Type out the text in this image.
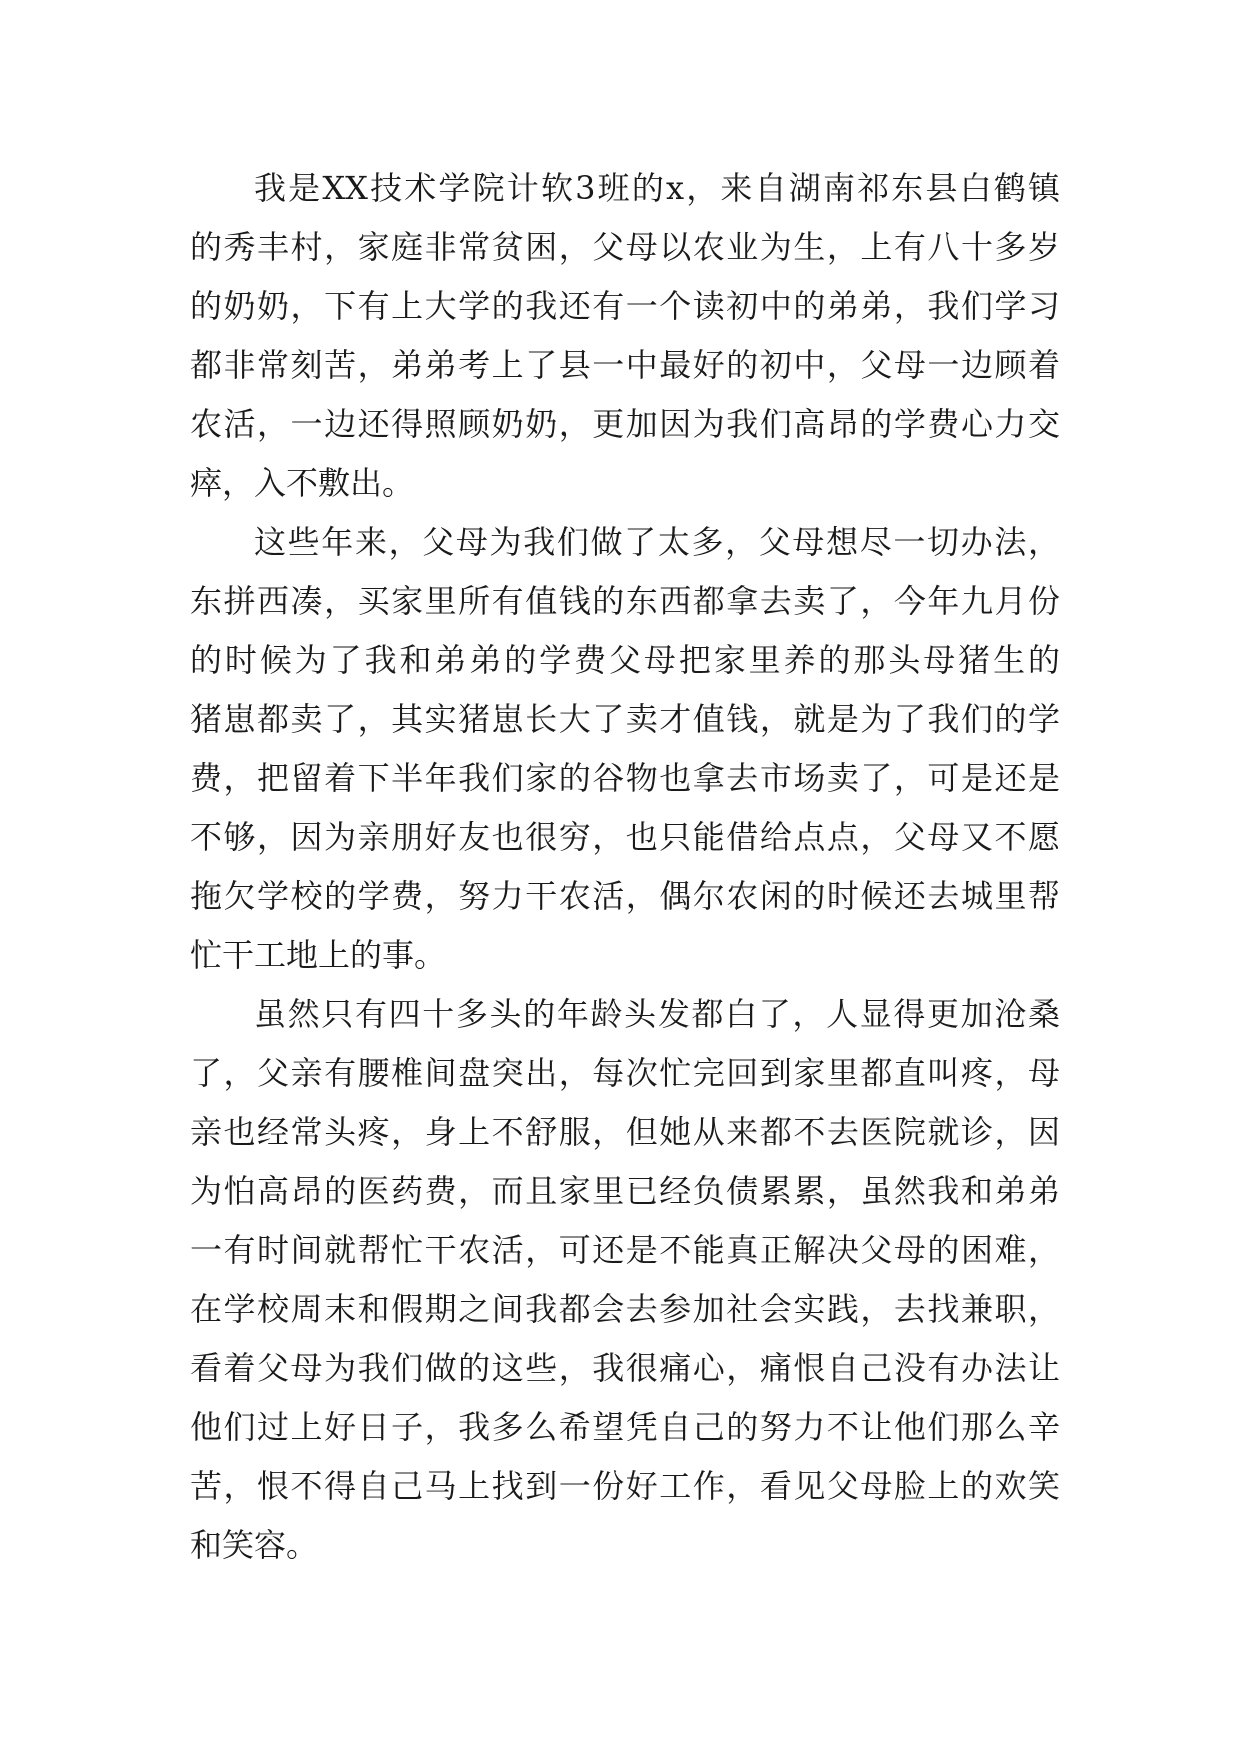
我是XX技术学院计软3班的x，来自湖南祁东县白鹤镇
的秀丰村，家庭非常贫困，父母以农业为生，上有八十多岁
的奶奶，下有上大学的我还有一个读初中的弟弟，我们学习
都非常刻苦，弟弟考上了县一中最好的初中，父母一边顾着
农活，一边还得照顾奶奶，更加因为我们高昂的学费心力交
瘁，入不敷出。
这些年来，父母为我们做了太多，父母想尽一切办法，
东拼西凑，买家里所有值钱的东西都拿去卖了，今年九月份
的时候为了我和弟弟的学费父母把家里养的那头母猪生的
猪崽都卖了，其实猪崽长大了卖才值钱，就是为了我们的学
费，把留着下半年我们家的谷物也拿去市场卖了，可是还是
不够，因为亲朋好友也很穷，也只能借给点点，父母又不愿
拖欠学校的学费，努力干农活，偶尔农闲的时候还去城里帮
忙干工地上的事。
虽然只有四十多头的年龄头发都白了，人显得更加沧桑
了，父亲有腰椎间盘突出，每次忙完回到家里都直叫疼，母
亲也经常头疼，身上不舒服，但她从来都不去医院就诊，因
为怕高昂的医药费，而且家里已经负债累累，虽然我和弟弟
一有时间就帮忙干农活，可还是不能真正解决父母的困难，
在学校周末和假期之间我都会去参加社会实践，去找兼职，
看着父母为我们做的这些，我很痛心，痛恨自己没有办法让
他们过上好日子，我多么希望凭自己的努力不让他们那么辛
苦，恨不得自己马上找到一份好工作，看见父母脸上的欢笑
和笑容。
